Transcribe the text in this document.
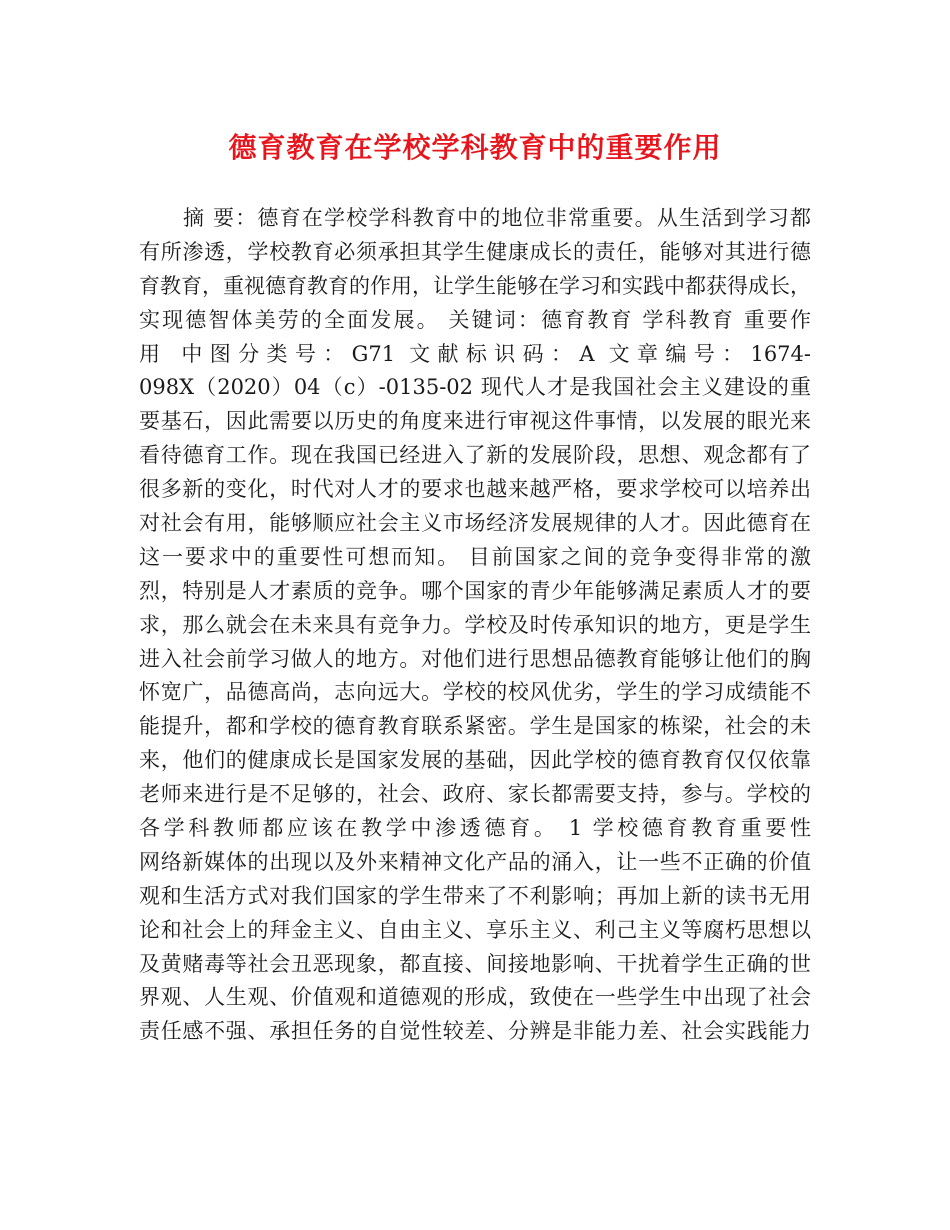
德育教育在学校学科教育中的重要作用
摘 要：德育在学校学科教育中的地位非常重要。从生活到学习都
有所渗透，学校教育必须承担其学生健康成长的责任，能够对其进行德
育教育，重视德育教育的作用，让学生能够在学习和实践中都获得成长，
实现德智体美劳的全面发展。 关键词：德育教育 学科教育 重要作
用 中图分类号：G71 文献标识码：A 文章编号：1674-
098X（2020）04（c）-0135-02 现代人才是我国社会主义建设的重
要基石，因此需要以历史的角度来进行审视这件事情，以发展的眼光来
看待德育工作。现在我国已经进入了新的发展阶段，思想、观念都有了
很多新的变化，时代对人才的要求也越来越严格，要求学校可以培养出
对社会有用，能够顺应社会主义市场经济发展规律的人才。因此德育在
这一要求中的重要性可想而知。 目前国家之间的竞争变得非常的激
烈，特别是人才素质的竞争。哪个国家的青少年能够满足素质人才的要
求，那么就会在未来具有竞争力。学校及时传承知识的地方，更是学生
进入社会前学习做人的地方。对他们进行思想品德教育能够让他们的胸
怀宽广，品德高尚，志向远大。学校的校风优劣，学生的学习成绩能不
能提升，都和学校的德育教育联系紧密。学生是国家的栋梁，社会的未
来，他们的健康成长是国家发展的基础，因此学校的德育教育仅仅依靠
老师来进行是不足够的，社会、政府、家长都需要支持，参与。学校的
各学科教师都应该在教学中渗透德育。 1 学校德育教育重要性
网络新媒体的出现以及外来精神文化产品的涌入，让一些不正确的价值
观和生活方式对我们国家的学生带来了不利影响；再加上新的读书无用
论和社会上的拜金主义、自由主义、享乐主义、利己主义等腐朽思想以
及黄赌毒等社会丑恶现象，都直接、间接地影响、干扰着学生正确的世
界观、人生观、价值观和道德观的形成，致使在一些学生中出现了社会
责任感不强、承担任务的自觉性较差、分辨是非能力差、社会实践能力
